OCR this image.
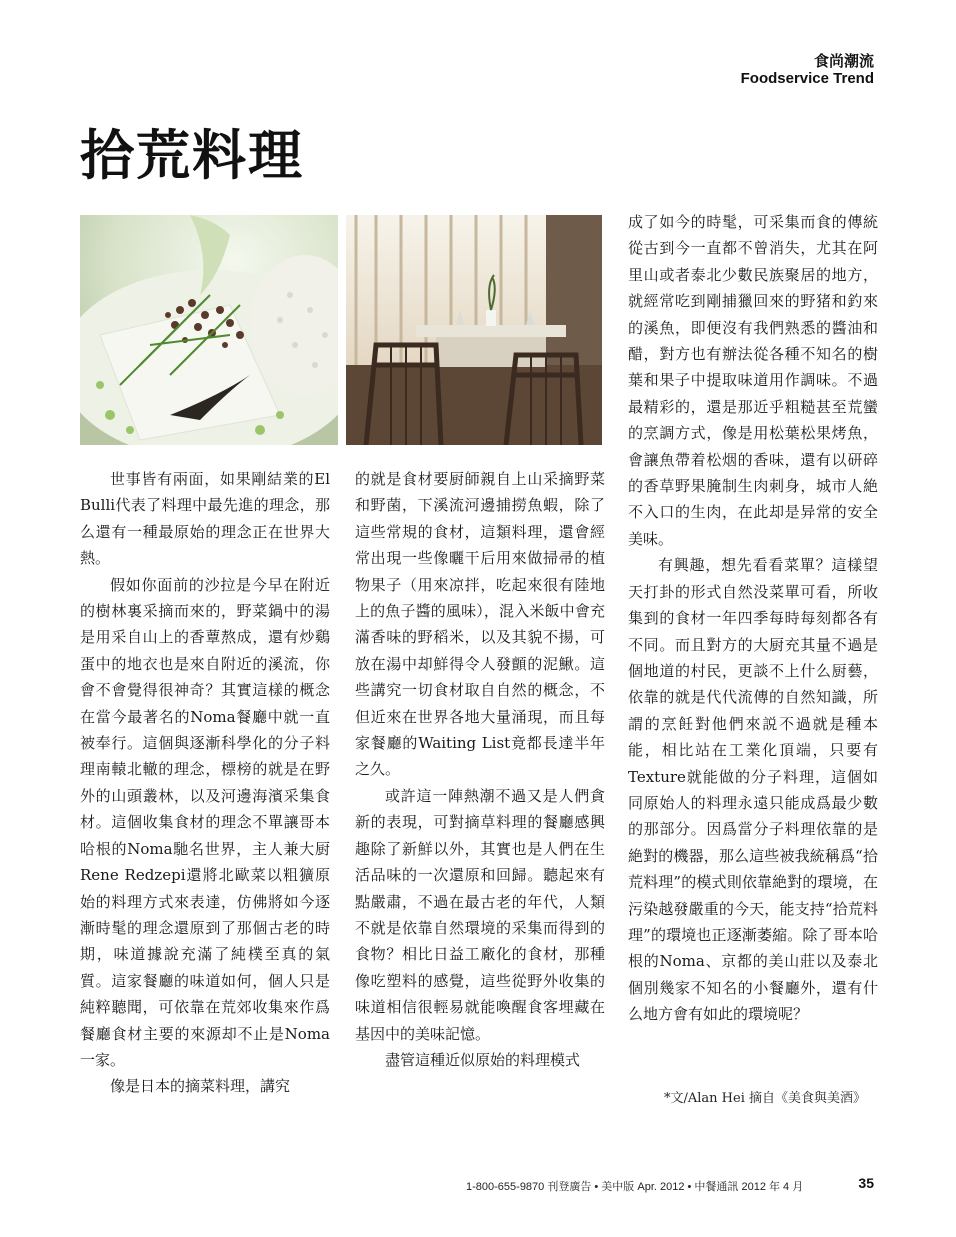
食尚潮流
Foodservice Trend
拾荒料理

世事皆有兩面，如果剛結業的El Bulli代表了料理中最先進的理念，那么還有一種最原始的理念正在世界大熱。

假如你面前的沙拉是今早在附近的樹林裏采摘而來的，野菜鍋中的湯是用采自山上的香蕈熬成，還有炒鷄蛋中的地衣也是來自附近的溪流，你會不會覺得很神奇？其實這樣的概念在當今最著名的Noma餐廳中就一直被奉行。這個與逐漸科學化的分子料理南轅北轍的理念，標榜的就是在野外的山頭叢林，以及河邊海濱采集食材。這個收集食材的理念不單讓哥本哈根的Noma馳名世界，主人兼大厨Rene Redzepi還將北歐菜以粗獷原始的料理方式來表達，仿佛將如今逐漸時髦的理念還原到了那個古老的時期，味道據說充滿了純樸至真的氣質。這家餐廳的味道如何，個人只是純粹聽聞，可依靠在荒郊收集來作爲餐廳食材主要的來源却不止是Noma一家。

像是日本的摘菜料理，講究

的就是食材要厨師親自上山采摘野菜和野菌，下溪流河邊捕撈魚蝦，除了這些常規的食材，這類料理，還會經常出現一些像曬干后用來做掃帚的植物果子（用來凉拌，吃起來很有陸地上的魚子醬的風味），混入米飯中會充滿香味的野稻米，以及其貌不揚，可放在湯中却鮮得令人發顫的泥鰍。這些講究一切食材取自自然的概念，不但近來在世界各地大量涌現，而且每家餐廳的Waiting List竟都長達半年之久。

或許這一陣熱潮不過又是人們貪新的表現，可對摘草料理的餐廳感興趣除了新鮮以外，其實也是人們在生活品味的一次還原和回歸。聽起來有點嚴肅，不過在最古老的年代，人類不就是依靠自然環境的采集而得到的食物？相比日益工廠化的食材，那種像吃塑料的感覺，這些從野外收集的味道相信很輕易就能喚醒食客埋藏在基因中的美味記憶。

盡管這種近似原始的料理模式

成了如今的時髦，可采集而食的傳統從古到今一直都不曾消失，尤其在阿里山或者泰北少數民族聚居的地方，就經常吃到剛捕獵回來的野猪和釣來的溪魚，即便沒有我們熟悉的醬油和醋，對方也有辦法從各種不知名的樹葉和果子中提取味道用作調味。不過最精彩的，還是那近乎粗糙甚至荒蠻的烹調方式，像是用松葉松果烤魚，會讓魚帶着松烟的香味，還有以研碎的香草野果腌制生肉刺身，城市人絶不入口的生肉，在此却是异常的安全美味。

有興趣，想先看看菜單？這樣望天打卦的形式自然没菜單可看，所收集到的食材一年四季每時每刻都各有不同。而且對方的大厨充其量不過是個地道的村民，更談不上什么厨藝，依靠的就是代代流傳的自然知識，所謂的烹飪對他們來説不過就是種本能，相比站在工業化頂端，只要有Texture就能做的分子料理，這個如同原始人的料理永遠只能成爲最少數的那部分。因爲當分子料理依靠的是絶對的機器，那么這些被我統稱爲“拾荒料理”的模式則依靠絶對的環境，在污染越發嚴重的今天，能支持“拾荒料理”的環境也正逐漸萎縮。除了哥本哈根的Noma、京都的美山莊以及泰北個別幾家不知名的小餐廳外，還有什么地方會有如此的環境呢？

*文/Alan Hei 摘自《美食與美酒》
1-800-655-9870 刊登廣告 • 美中版 Apr. 2012 • 中餐通訊 2012 年 4 月	35
